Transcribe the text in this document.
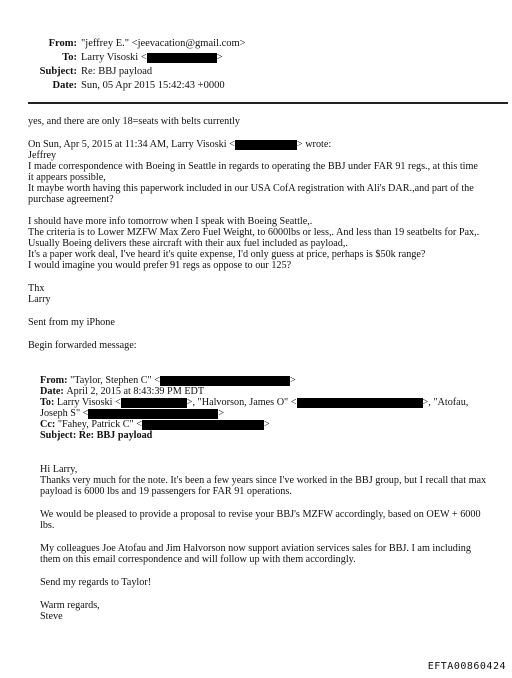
From: "jeffrey E." <jeevacation@gmail.com>
To: Larry Visoski <	>
Subject: Re: BBJ payload
Date: Sun, 05 Apr 2015 15:42:43 +0000
yes, and there are only 18=seats with belts currently
On Sun, Apr 5, 2015 at 11:34 AM, Larry Visoski <	> wrote:
Jeffrey
I made correspondence with Boeing in Seattle in regards to operating the BBJ under FAR 91 regs., at this time
it appears possible,
It maybe worth having this paperwork included in our USA CofA registration with Ali's DAR.,and part of the
purchase agreement?
I should have more info tomorrow when I speak with Boeing Seattle,.
The criteria is to Lower MZFW Max Zero Fuel Weight, to 6000lbs or less,. And less than 19 seatbelts for Pax,.
Usually Boeing delivers these aircraft with their aux fuel included as payload,.
It's a paper work deal, I've heard it's quite expense, I'd only guess at price, perhaps is $50k range?
I would imagine you would prefer 91 regs as oppose to our 125?
Thx
Larry
Sent from my iPhone
Begin forwarded message:
From:
"Taylor, Stephen C" <	>
Date: April 2, 2015 at 8:43:39 PM EDT
To:
Larry Visoski <	>, "Halvorson, James O" <	>, "Atofau,
Joseph S" <	>
Cc:
"Fahey, Patrick C" <	>
Subject: Re: BBJ payload
Hi Larry,
Thanks very much for the note. It's been a few years since I've worked in the BBJ group, but I recall that max
payload is 6000 lbs and 19 passengers for FAR 91 operations.
We would be pleased to provide a proposal to revise your BBJ's MZFW accordingly, based on OEW + 6000
lbs.
My colleagues Joe Atofau and Jim Halvorson now support aviation services sales for BBJ. I am including
them on this email correspondence and will follow up with them accordingly.
Send my regards to Taylor!
Warm regards,
Steve
EFTA00860424
